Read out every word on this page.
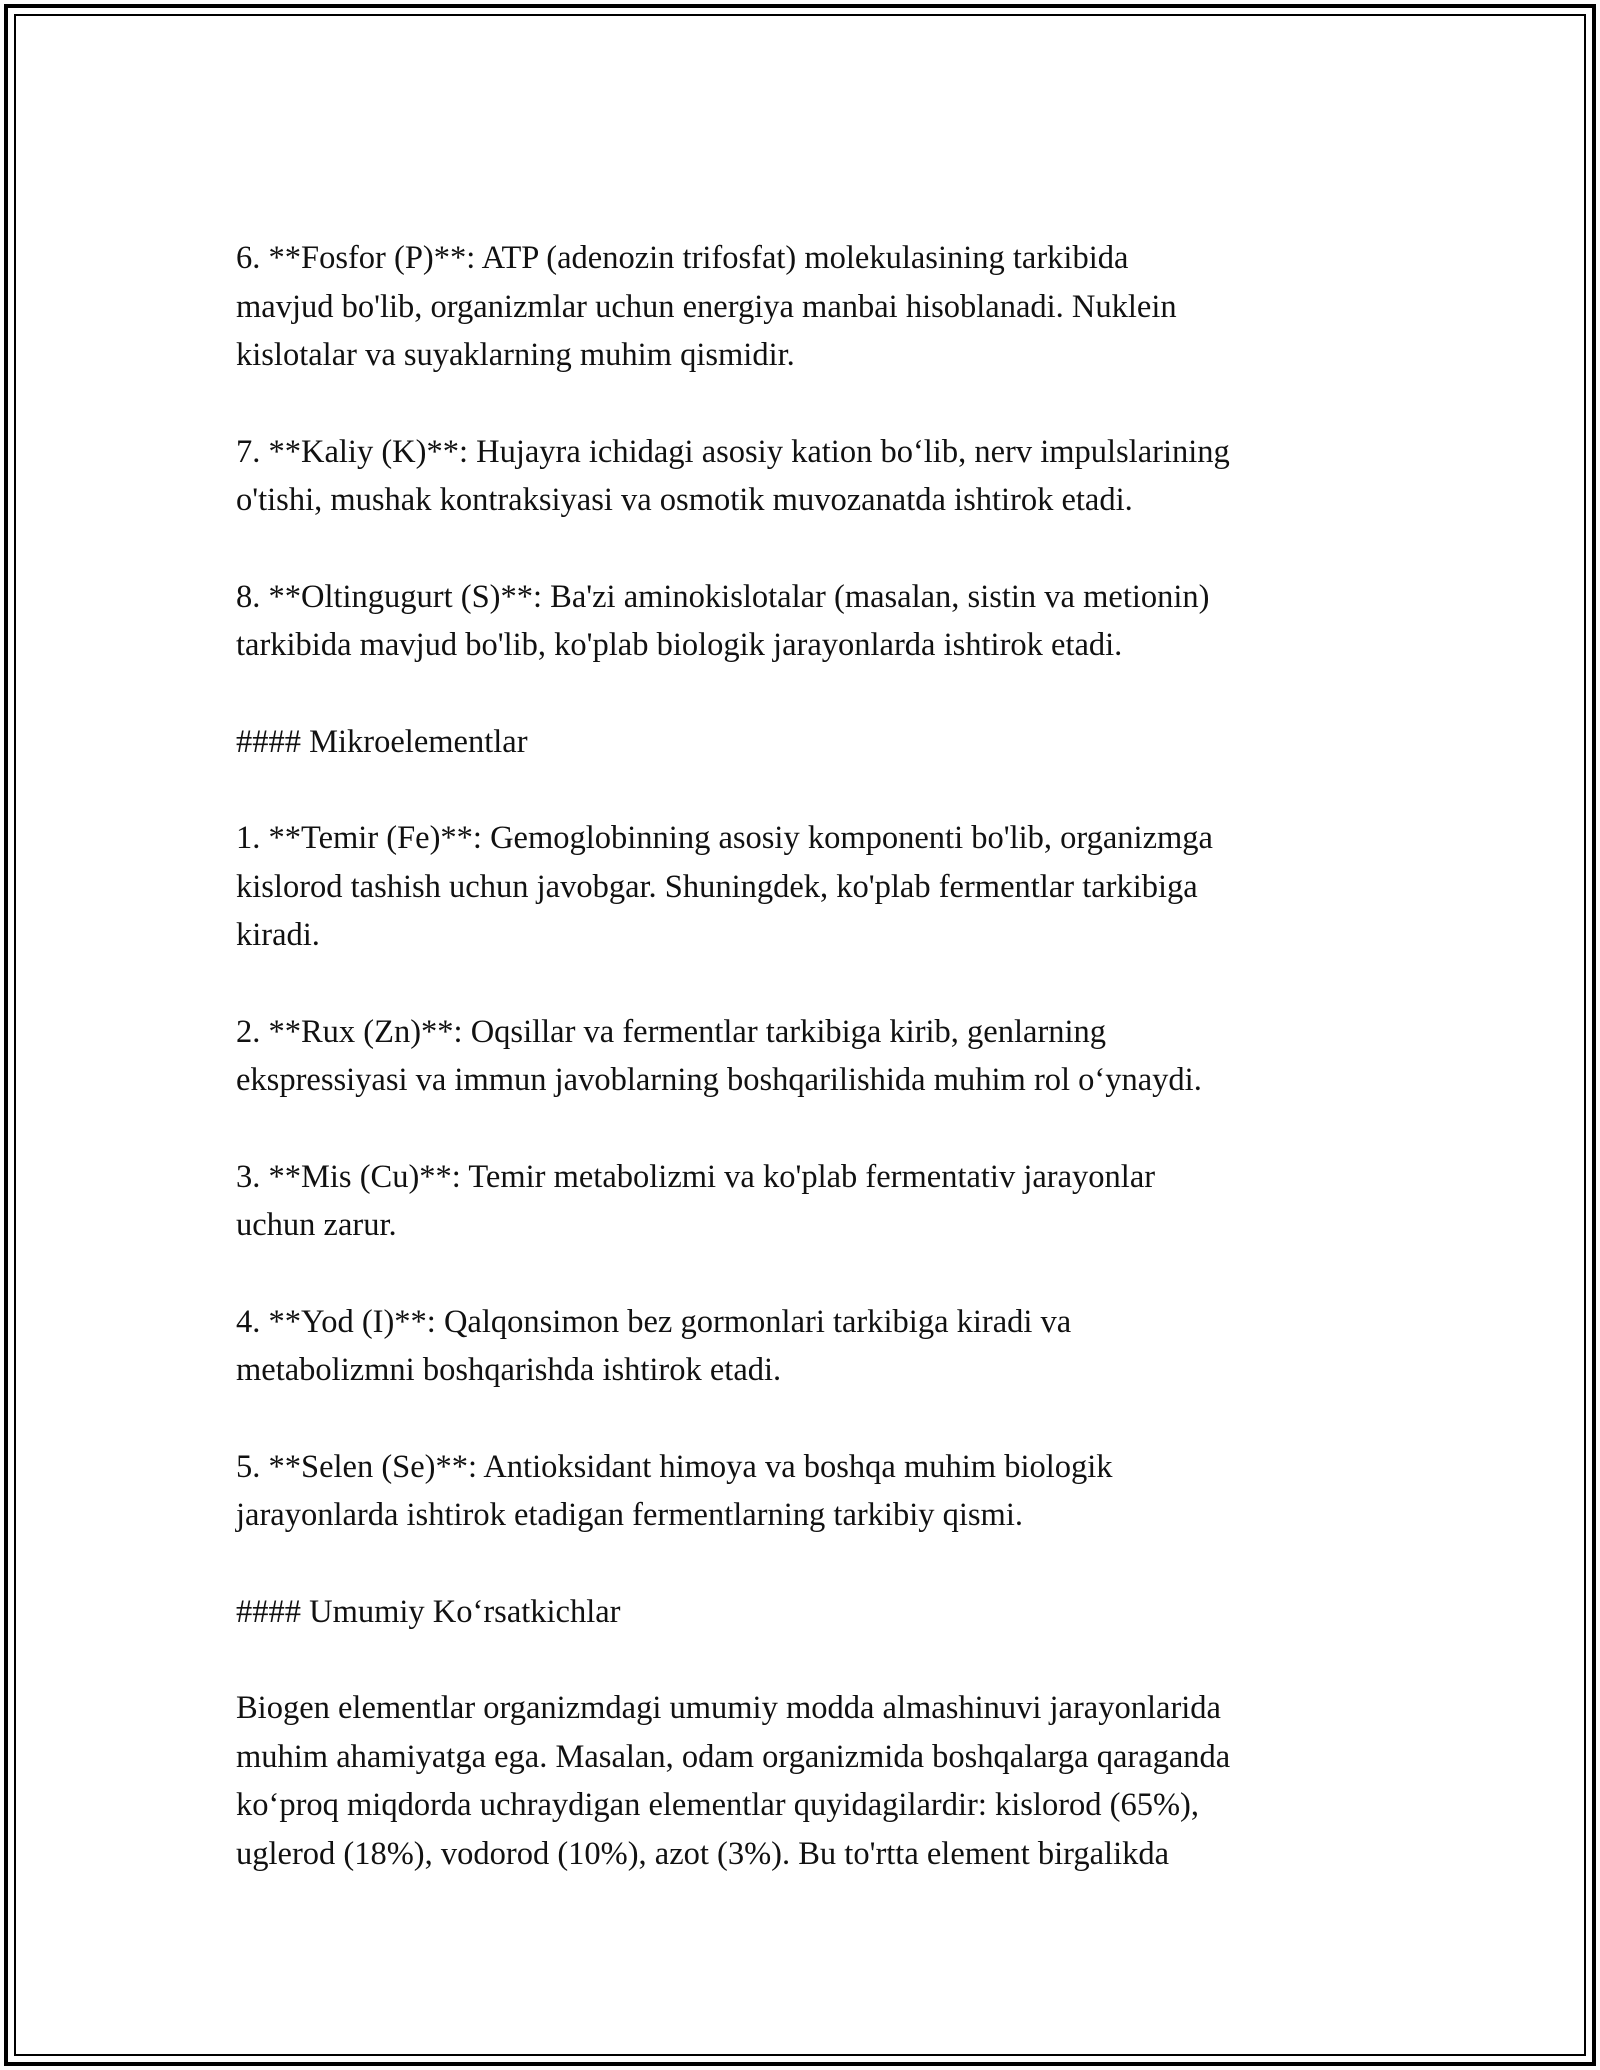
6. **Fosfor (P)**: ATP (adenozin trifosfat) molekulasining tarkibida
mavjud bo'lib, organizmlar uchun energiya manbai hisoblanadi. Nuklein
kislotalar va suyaklarning muhim qismidir.

7. **Kaliy (K)**: Hujayra ichidagi asosiy kation bo‘lib, nerv impulslarining
o'tishi, mushak kontraksiyasi va osmotik muvozanatda ishtirok etadi.

8. **Oltingugurt (S)**: Ba'zi aminokislotalar (masalan, sistin va metionin)
tarkibida mavjud bo'lib, ko'plab biologik jarayonlarda ishtirok etadi.

#### Mikroelementlar

1. **Temir (Fe)**: Gemoglobinning asosiy komponenti bo'lib, organizmga
kislorod tashish uchun javobgar. Shuningdek, ko'plab fermentlar tarkibiga
kiradi.

2. **Rux (Zn)**: Oqsillar va fermentlar tarkibiga kirib, genlarning
ekspressiyasi va immun javoblarning boshqarilishida muhim rol o‘ynaydi.

3. **Mis (Cu)**: Temir metabolizmi va ko'plab fermentativ jarayonlar
uchun zarur.

4. **Yod (I)**: Qalqonsimon bez gormonlari tarkibiga kiradi va
metabolizmni boshqarishda ishtirok etadi.

5. **Selen (Se)**: Antioksidant himoya va boshqa muhim biologik
jarayonlarda ishtirok etadigan fermentlarning tarkibiy qismi.

#### Umumiy Ko‘rsatkichlar

Biogen elementlar organizmdagi umumiy modda almashinuvi jarayonlarida
muhim ahamiyatga ega. Masalan, odam organizmida boshqalarga qaraganda
ko‘proq miqdorda uchraydigan elementlar quyidagilardir: kislorod (65%),
uglerod (18%), vodorod (10%), azot (3%). Bu to'rtta element birgalikda
